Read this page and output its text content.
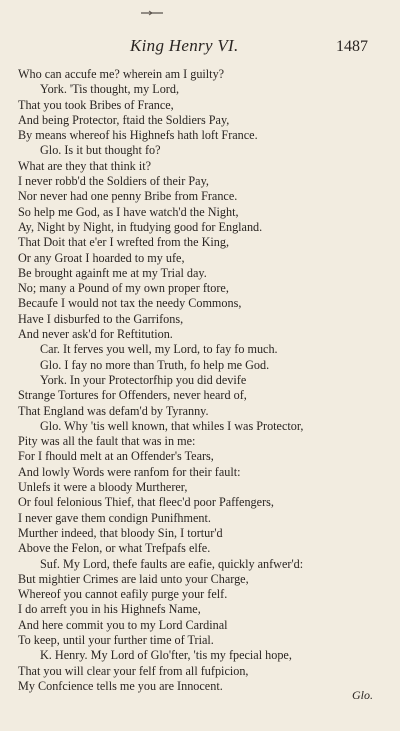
King Henry VI.	1487
Who can accufe me? wherein am I guilty?
York. 'Tis thought, my Lord,
That you took Bribes of France,
And being Protector, ftaid the Soldiers Pay,
By means whereof his Highnefs hath loft France.
Glo. Is it but thought fo?
What are they that think it?
I never robb'd the Soldiers of their Pay,
Nor never had one penny Bribe from France.
So help me God, as I have watch'd the Night,
Ay, Night by Night, in ftudying good for England.
That Doit that e'er I wrefted from the King,
Or any Groat I hoarded to my ufe,
Be brought againft me at my Trial day.
No; many a Pound of my own proper ftore,
Becaufe I would not tax the needy Commons,
Have I disburfed to the Garrifons,
And never ask'd for Reftitution.
Car. It ferves you well, my Lord, to fay fo much.
Glo. I fay no more than Truth, fo help me God.
York. In your Protectorfhip you did devife
Strange Tortures for Offenders, never heard of,
That England was defam'd by Tyranny.
Glo. Why 'tis well known, that whiles I was Protector,
Pity was all the fault that was in me:
For I fhould melt at an Offender's Tears,
And lowly Words were ranfom for their fault:
Unlefs it were a bloody Murtherer,
Or foul felonious Thief, that fleec'd poor Paffengers,
I never gave them condign Punifhment.
Murther indeed, that bloody Sin, I tortur'd
Above the Felon, or what Trefpafs elfe.
Suf. My Lord, thefe faults are eafie, quickly anfwer'd:
But mightier Crimes are laid unto your Charge,
Whereof you cannot eafily purge your felf.
I do arreft you in his Highnefs Name,
And here commit you to my Lord Cardinal
To keep, until your further time of Trial.
K. Henry. My Lord of Glo'fter, 'tis my fpecial hope,
That you will clear your felf from all fufpicion,
My Confcience tells me you are Innocent.
Glo.
